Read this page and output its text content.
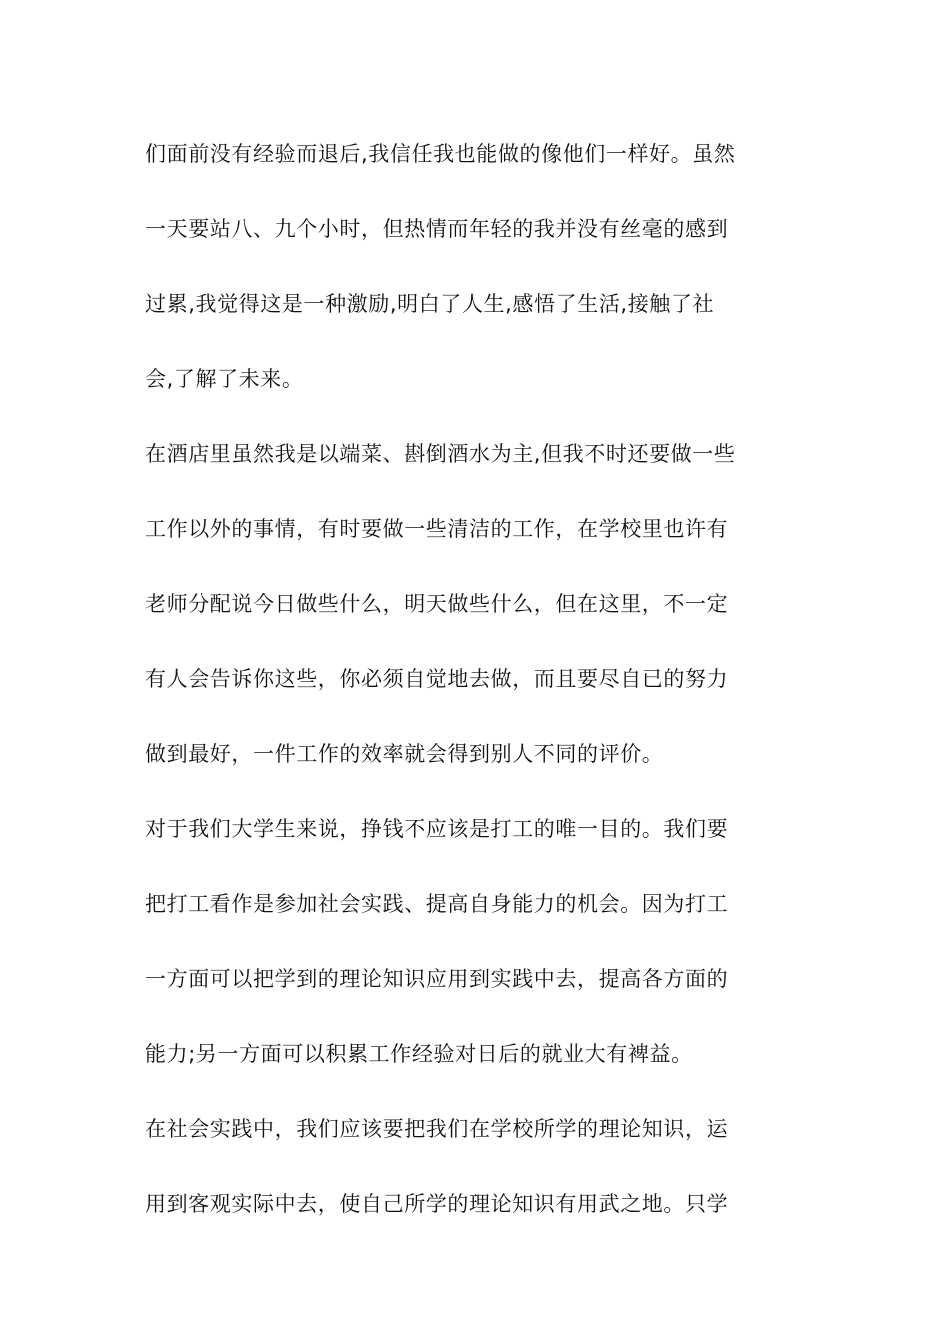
们面前没有经验而退后,我信任我也能做的像他们一样好。虽然
一天要站八、九个小时，但热情而年轻的我并没有丝毫的感到
过累,我觉得这是一种激励,明白了人生,感悟了生活,接触了社
会,了解了未来。

在酒店里虽然我是以端菜、斟倒酒水为主,但我不时还要做一些
工作以外的事情，有时要做一些清洁的工作，在学校里也许有
老师分配说今日做些什么，明天做些什么，但在这里，不一定
有人会告诉你这些，你必须自觉地去做，而且要尽自已的努力
做到最好，一件工作的效率就会得到别人不同的评价。

对于我们大学生来说，挣钱不应该是打工的唯一目的。我们要
把打工看作是参加社会实践、提高自身能力的机会。因为打工
一方面可以把学到的理论知识应用到实践中去，提高各方面的
能力;另一方面可以积累工作经验对日后的就业大有裨益。

在社会实践中，我们应该要把我们在学校所学的理论知识，运
用到客观实际中去，使自己所学的理论知识有用武之地。只学
